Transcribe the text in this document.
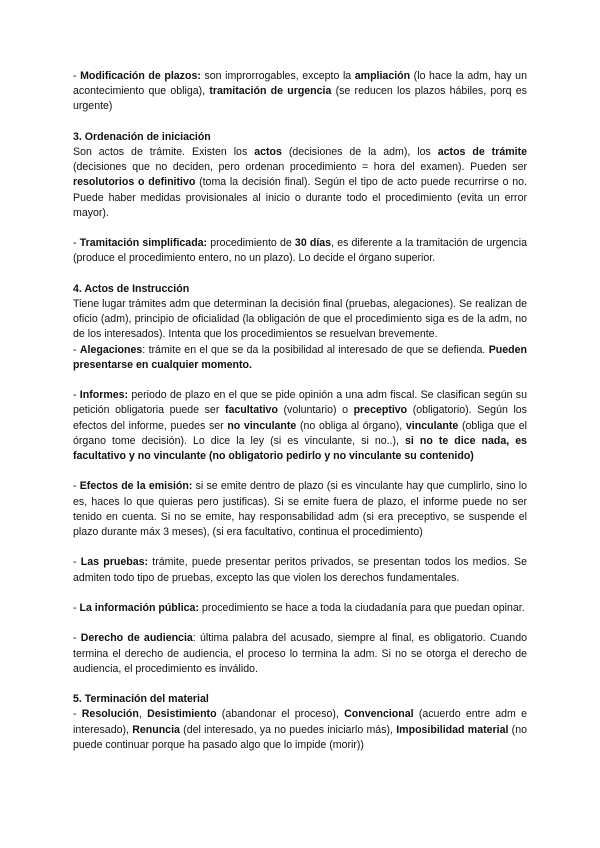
- Modificación de plazos: son improrrogables, excepto la ampliación (lo hace la adm, hay un acontecimiento que obliga), tramitación de urgencia (se reducen los plazos hábiles, porq es urgente)

3. Ordenación de iniciación

Son actos de trámite. Existen los actos (decisiones de la adm), los actos de trámite (decisiones que no deciden, pero ordenan procedimiento = hora del examen). Pueden ser resolutorios o definitivo (toma la decisión final). Según el tipo de acto puede recurrirse o no. Puede haber medidas provisionales al inicio o durante todo el procedimiento (evita un error mayor).

- Tramitación simplificada: procedimiento de 30 días, es diferente a la tramitación de urgencia (produce el procedimiento entero, no un plazo). Lo decide el órgano superior.

4. Actos de Instrucción

Tiene lugar trámites adm que determinan la decisión final (pruebas, alegaciones). Se realizan de oficio (adm), principio de oficialidad (la obligación de que el procedimiento siga es de la adm, no de los interesados). Intenta que los procedimientos se resuelvan brevemente.

- Alegaciones: trámite en el que se da la posibilidad al interesado de que se defienda. Pueden presentarse en cualquier momento.

- Informes: periodo de plazo en el que se pide opinión a una adm fiscal. Se clasifican según su petición obligatoria puede ser facultativo (voluntario) o preceptivo (obligatorio). Según los efectos del informe, puedes ser no vinculante (no obliga al órgano), vinculante (obliga que el órgano tome decisión). Lo dice la ley (si es vinculante, si no..), si no te dice nada, es facultativo y no vinculante (no obligatorio pedirlo y no vinculante su contenido)

- Efectos de la emisión: si se emite dentro de plazo (si es vinculante hay que cumplirlo, sino lo es, haces lo que quieras pero justificas). Si se emite fuera de plazo, el informe puede no ser tenido en cuenta. Si no se emite, hay responsabilidad adm (si era preceptivo, se suspende el plazo durante máx 3 meses), (si era facultativo, continua el procedimiento)

- Las pruebas: trámite, puede presentar peritos privados, se presentan todos los medios. Se admiten todo tipo de pruebas, excepto las que violen los derechos fundamentales.

- La información pública: procedimiento se hace a toda la ciudadanía para que puedan opinar.

- Derecho de audiencia: última palabra del acusado, siempre al final, es obligatorio. Cuando termina el derecho de audiencia, el proceso lo termina la adm. Si no se otorga el derecho de audiencia, el procedimiento es inválido.

5. Terminación del material

- Resolución, Desistimiento (abandonar el proceso), Convencional (acuerdo entre adm e interesado), Renuncia (del interesado, ya no puedes iniciarlo más), Imposibilidad material (no puede continuar porque ha pasado algo que lo impide (morir))
